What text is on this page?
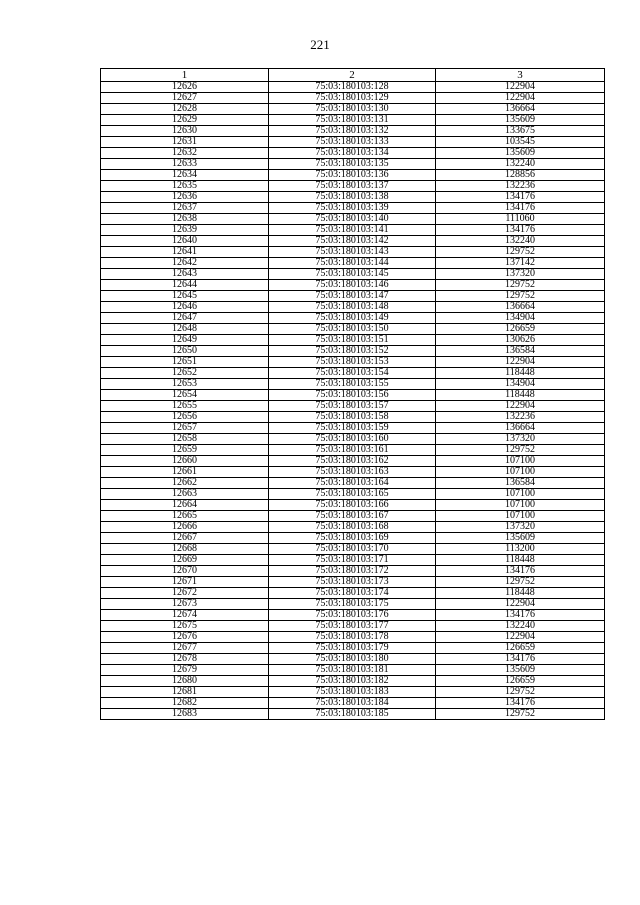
221
1	2	3
12626	75:03:180103:128	122904
12627	75:03:180103:129	122904
12628	75:03:180103:130	136664
12629	75:03:180103:131	135609
12630	75:03:180103:132	133675
12631	75:03:180103:133	103545
12632	75:03:180103:134	135609
12633	75:03:180103:135	132240
12634	75:03:180103:136	128856
12635	75:03:180103:137	132236
12636	75:03:180103:138	134176
12637	75:03:180103:139	134176
12638	75:03:180103:140	111060
12639	75:03:180103:141	134176
12640	75:03:180103:142	132240
12641	75:03:180103:143	129752
12642	75:03:180103:144	137142
12643	75:03:180103:145	137320
12644	75:03:180103:146	129752
12645	75:03:180103:147	129752
12646	75:03:180103:148	136664
12647	75:03:180103:149	134904
12648	75:03:180103:150	126659
12649	75:03:180103:151	130626
12650	75:03:180103:152	136584
12651	75:03:180103:153	122904
12652	75:03:180103:154	118448
12653	75:03:180103:155	134904
12654	75:03:180103:156	118448
12655	75:03:180103:157	122904
12656	75:03:180103:158	132236
12657	75:03:180103:159	136664
12658	75:03:180103:160	137320
12659	75:03:180103:161	129752
12660	75:03:180103:162	107100
12661	75:03:180103:163	107100
12662	75:03:180103:164	136584
12663	75:03:180103:165	107100
12664	75:03:180103:166	107100
12665	75:03:180103:167	107100
12666	75:03:180103:168	137320
12667	75:03:180103:169	135609
12668	75:03:180103:170	113200
12669	75:03:180103:171	118448
12670	75:03:180103:172	134176
12671	75:03:180103:173	129752
12672	75:03:180103:174	118448
12673	75:03:180103:175	122904
12674	75:03:180103:176	134176
12675	75:03:180103:177	132240
12676	75:03:180103:178	122904
12677	75:03:180103:179	126659
12678	75:03:180103:180	134176
12679	75:03:180103:181	135609
12680	75:03:180103:182	126659
12681	75:03:180103:183	129752
12682	75:03:180103:184	134176
12683	75:03:180103:185	129752
